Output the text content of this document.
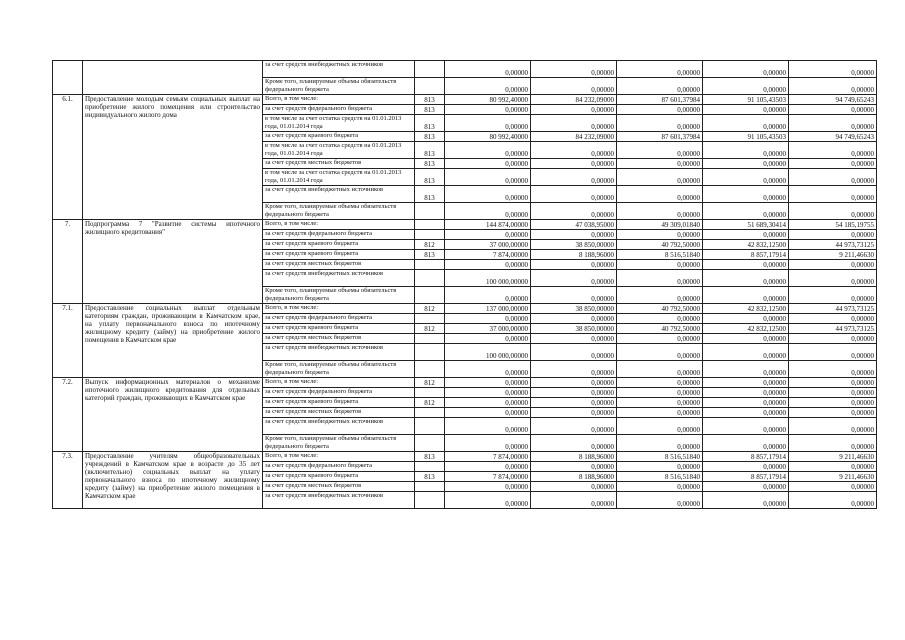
		за счет средств внебюджетных источников		0,00000	0,00000	0,00000	0,00000	0,00000
		Кроме того, планируемые объемы обязательств федерального бюджета		0,00000	0,00000	0,00000	0,00000	0,00000
6.1.	Предоставление молодым семьям социальных выплат на приобретение жилого помещения или строительство индивидуального жилого дома	Всего, в том числе:	813	80 992,40000	84 232,09000	87 601,37984	91 105,43503	94 749,65243
		за счет средств федерального бюджета	813	0,00000	0,00000	0,00000	0,00000	0,00000
		в том числе за счет остатка средств на 01.01.2013 года, 01.01.2014 года	813	0,00000	0,00000	0,00000	0,00000	0,00000
		за счет средств краевого бюджета	813	80 992,40000	84 232,09000	87 601,37984	91 105,43503	94 749,65243
		в том числе за счет остатка средств на 01.01.2013 года, 01.01.2014 года	813	0,00000	0,00000	0,00000	0,00000	0,00000
		за счет средств местных бюджетов	813	0,00000	0,00000	0,00000	0,00000	0,00000
		в том числе за счет остатка средств на 01.01.2013 года, 01.01.2014 года	813	0,00000	0,00000	0,00000	0,00000	0,00000
		за счет средств внебюджетных источников	813	0,00000	0,00000	0,00000	0,00000	0,00000
		Кроме того, планируемые объемы обязательств федерального бюджета		0,00000	0,00000	0,00000	0,00000	0,00000
7.	Подпрограмма 7 "Развитие системы ипотечного жилищного кредитования"	Всего, в том числе:		144 874,00000	47 038,95000	49 309,01840	51 689,30414	54 185,19755
		за счет средств федерального бюджета		0,00000	0,00000	0,00000	0,00000	0,00000
		за счет средств краевого бюджета	812	37 000,00000	38 850,00000	40 792,50000	42 832,12500	44 973,73125
		за счет средств краевого бюджета	813	7 874,00000	8 188,96000	8 516,51840	8 857,17914	9 211,46630
		за счет средств местных бюджетов		0,00000	0,00000	0,00000	0,00000	0,00000
		за счет средств внебюджетных источников		100 000,00000	0,00000	0,00000	0,00000	0,00000
		Кроме того, планируемые объемы обязательств федерального бюджета		0,00000	0,00000	0,00000	0,00000	0,00000
7.1.	Предоставление социальных выплат отдельным категориям граждан, проживающим в Камчатском крае, на уплату первоначального взноса по ипотечному жилищному кредиту (займу) на приобретение жилого помещения в Камчатском крае	Всего, в том числе:	812	137 000,00000	38 850,00000	40 792,50000	42 832,12500	44 973,73125
		за счет средств федерального бюджета		0,00000	0,00000	0,00000	0,00000	0,00000
		за счет средств краевого бюджета	812	37 000,00000	38 850,00000	40 792,50000	42 832,12500	44 973,73125
		за счет средств местных бюджетов		0,00000	0,00000	0,00000	0,00000	0,00000
		за счет средств внебюджетных источников		100 000,00000	0,00000	0,00000	0,00000	0,00000
		Кроме того, планируемые объемы обязательств федерального бюджета		0,00000	0,00000	0,00000	0,00000	0,00000
7.2.	Выпуск информационных материалов о механизме ипотечного жилищного кредитования для отдельных категорий граждан, проживающих в Камчатском крае	Всего, в том числе:	812	0,00000	0,00000	0,00000	0,00000	0,00000
		за счет средств федерального бюджета		0,00000	0,00000	0,00000	0,00000	0,00000
		за счет средств краевого бюджета	812	0,00000	0,00000	0,00000	0,00000	0,00000
		за счет средств местных бюджетов		0,00000	0,00000	0,00000	0,00000	0,00000
		за счет средств внебюджетных источников		0,00000	0,00000	0,00000	0,00000	0,00000
		Кроме того, планируемые объемы обязательств федерального бюджета		0,00000	0,00000	0,00000	0,00000	0,00000
7.3.	Предоставление учителям общеобразовательных учреждений в Камчатском крае в возрасте до 35 лет (включительно) социальных выплат на уплату первоначального взноса по ипотечному жилищному кредиту (займу) на приобретение жилого помещения в Камчатском крае	Всего, в том числе:	813	7 874,00000	8 188,96000	8 516,51840	8 857,17914	9 211,46630
		за счет средств федерального бюджета		0,00000	0,00000	0,00000	0,00000	0,00000
		за счет средств краевого бюджета	813	7 874,00000	8 188,96000	8 516,51840	8 857,17914	9 211,46630
		за счет средств местных бюджетов		0,00000	0,00000	0,00000	0,00000	0,00000
		за счет средств внебюджетных источников		0,00000	0,00000	0,00000	0,00000	0,00000
